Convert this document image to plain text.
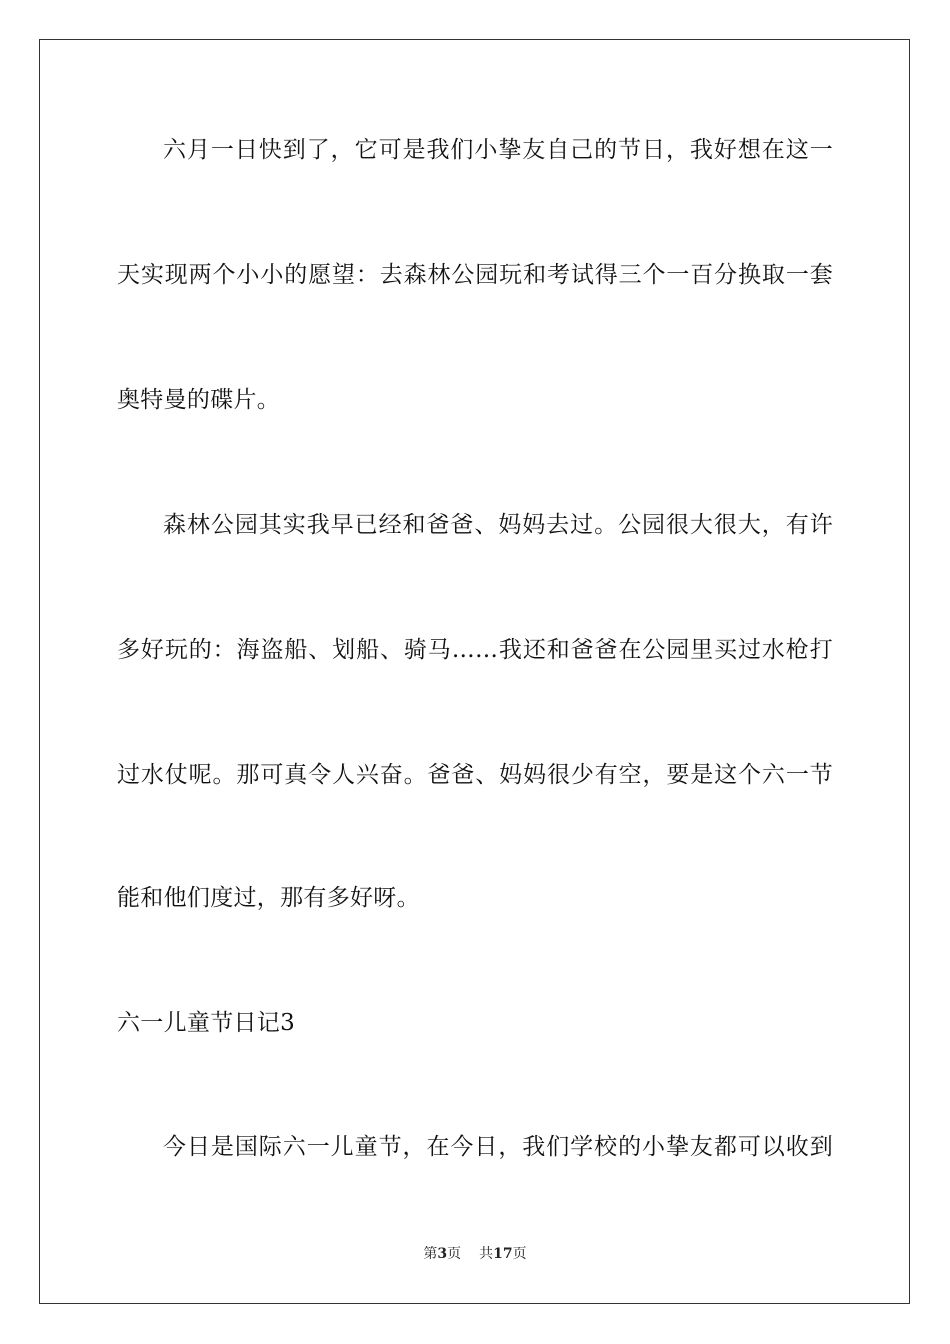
六月一日快到了，它可是我们小挚友自己的节日，我好想在这一
天实现两个小小的愿望：去森林公园玩和考试得三个一百分换取一套
奥特曼的碟片。
森林公园其实我早已经和爸爸、妈妈去过。公园很大很大，有许
多好玩的：海盗船、划船、骑马……我还和爸爸在公园里买过水枪打
过水仗呢。那可真令人兴奋。爸爸、妈妈很少有空，要是这个六一节
能和他们度过，那有多好呀。
六一儿童节日记3
今日是国际六一儿童节，在今日，我们学校的小挚友都可以收到
第3页 共17页
